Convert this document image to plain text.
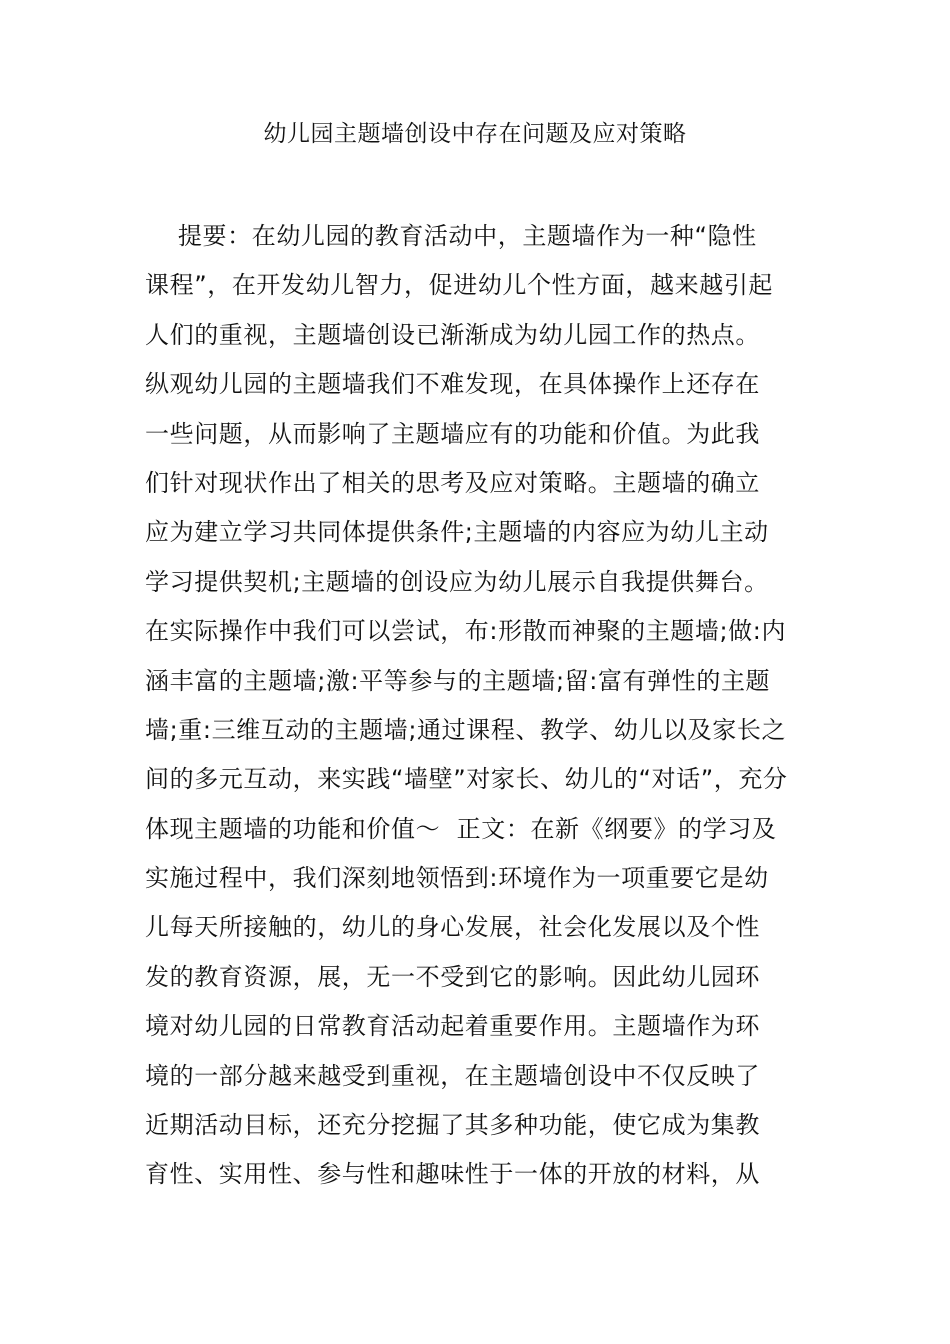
幼儿园主题墙创设中存在问题及应对策略
提要：在幼儿园的教育活动中，主题墙作为一种“隐性
课程”，在开发幼儿智力，促进幼儿个性方面，越来越引起
人们的重视，主题墙创设已渐渐成为幼儿园工作的热点。
纵观幼儿园的主题墙我们不难发现，在具体操作上还存在
一些问题，从而影响了主题墙应有的功能和价值。为此我
们针对现状作出了相关的思考及应对策略。主题墙的确立
应为建立学习共同体提供条件;主题墙的内容应为幼儿主动
学习提供契机;主题墙的创设应为幼儿展示自我提供舞台。
在实际操作中我们可以尝试，布:形散而神聚的主题墙;做:内
涵丰富的主题墙;激:平等参与的主题墙;留:富有弹性的主题
墙;重:三维互动的主题墙;通过课程、教学、幼儿以及家长之
间的多元互动，来实践“墙壁”对家长、幼儿的“对话”，充分
体现主题墙的功能和价值～  正文：在新《纲要》的学习及
实施过程中，我们深刻地领悟到:环境作为一项重要它是幼
儿每天所接触的，幼儿的身心发展，社会化发展以及个性
发的教育资源，展，无一不受到它的影响。因此幼儿园环
境对幼儿园的日常教育活动起着重要作用。主题墙作为环
境的一部分越来越受到重视，在主题墙创设中不仅反映了
近期活动目标，还充分挖掘了其多种功能，使它成为集教
育性、实用性、参与性和趣味性于一体的开放的材料，从
